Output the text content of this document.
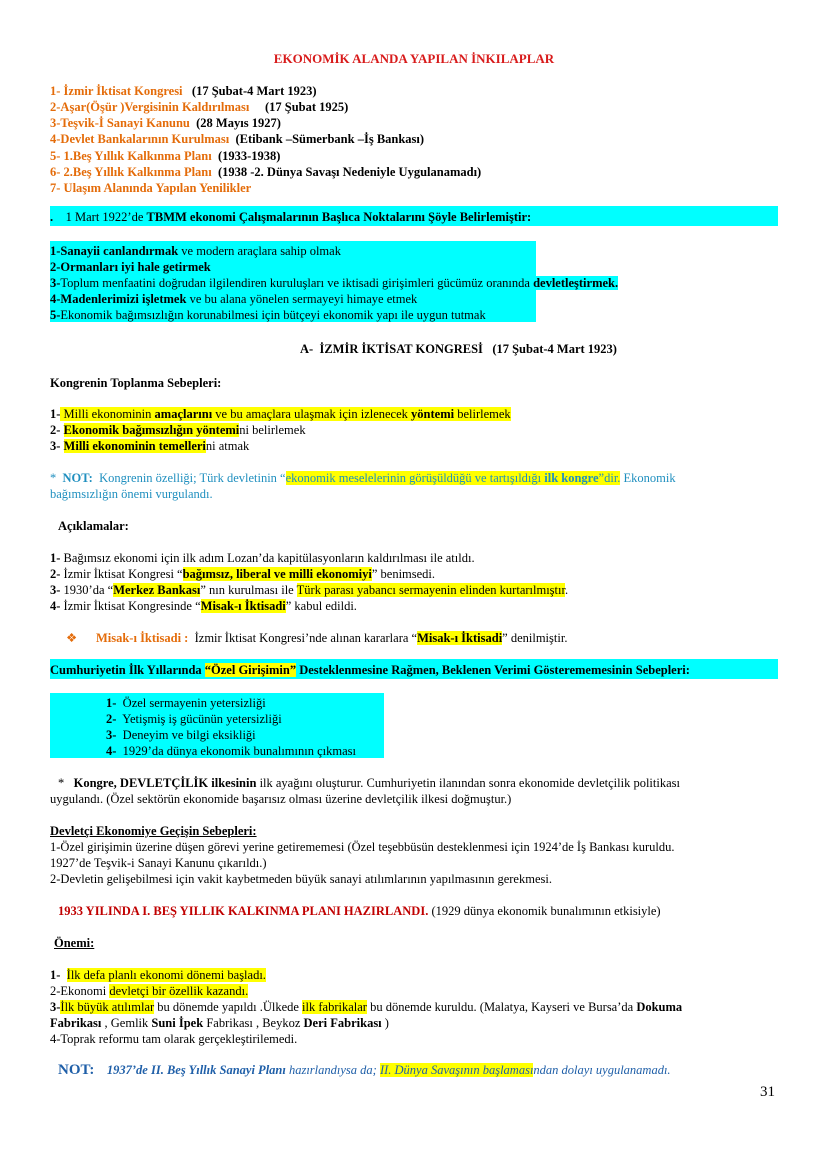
EKONOMİK ALANDA YAPILAN İNKILAPLAR
1- İzmir İktisat Kongresi (17 Şubat-4 Mart 1923)
2-Aşar(Öşür )Vergisinin Kaldırılması (17 Şubat 1925)
3-Teşvik-İ Sanayi Kanunu (28 Mayıs 1927)
4-Devlet Bankalarının Kurulması (Etibank –Sümerbank –İş Bankası)
5- 1.Beş Yıllık Kalkınma Planı (1933-1938)
6- 2.Beş Yıllık Kalkınma Planı (1938 -2. Dünya Savaşı Nedeniyle Uygulanamadı)
7- Ulaşım Alanında Yapılan Yenilikler
. 1 Mart 1922’de TBMM ekonomi Çalışmalarının Başlıca Noktalarını Şöyle Belirlemiştir:
1-Sanayii canlandırmak ve modern araçlara sahip olmak
2-Ormanları iyi hale getirmek
3-Toplum menfaatini doğrudan ilgilendiren kuruluşları ve iktisadi girişimleri gücümüz oranında devletleştirmek.
4-Madenlerimizi işletmek ve bu alana yönelen sermayeyi himaye etmek
5-Ekonomik bağımsızlığın korunabilmesi için bütçeyi ekonomik yapı ile uygun tutmak
A- İZMİR İKTİSAT KONGRESİ (17 Şubat-4 Mart 1923)
Kongrenin Toplanma Sebepleri:
1- Milli ekonominin amaçlarını ve bu amaçlara ulaşmak için izlenecek yöntemi belirlemek
2- Ekonomik bağımsızlığın yöntemini belirlemek
3- Milli ekonominin temellerini atmak
* NOT: Kongrenin özelliği; Türk devletinin “ekonomik meselelerinin görüşüldüğü ve tartışıldığı ilk kongre”dir. Ekonomik
bağımsızlığın önemi vurgulandı.
Açıklamalar:
1- Bağımsız ekonomi için ilk adım Lozan’da kapitülasyonların kaldırılması ile atıldı.
2- İzmir İktisat Kongresi “bağımsız, liberal ve milli ekonomiyi” benimsedi.
3- 1930’da “Merkez Bankası” nın kurulması ile Türk parası yabancı sermayenin elinden kurtarılmıştır.
4- İzmir İktisat Kongresinde “Misak-ı İktisadi” kabul edildi.
❖ Misak-ı İktisadi : İzmir İktisat Kongresi’nde alınan kararlara “Misak-ı İktisadi” denilmiştir.
Cumhuriyetin İlk Yıllarında “Özel Girişimin” Desteklenmesine Rağmen, Beklenen Verimi Gösterememesinin Sebepleri:
1- Özel sermayenin yetersizliği
2- Yetişmiş iş gücünün yetersizliği
3- Deneyim ve bilgi eksikliği
4- 1929’da dünya ekonomik bunalımının çıkması
* Kongre, DEVLETÇİLİK ilkesinin ilk ayağını oluşturur. Cumhuriyetin ilanından sonra ekonomide devletçilik politikası
uygulandı. (Özel sektörün ekonomide başarısız olması üzerine devletçilik ilkesi doğmuştur.)
Devletçi Ekonomiye Geçişin Sebepleri:
1-Özel girişimin üzerine düşen görevi yerine getirememesi (Özel teşebbüsün desteklenmesi için 1924’de İş Bankası kuruldu.
1927’de Teşvik-i Sanayi Kanunu çıkarıldı.)
2-Devletin gelişebilmesi için vakit kaybetmeden büyük sanayi atılımlarının yapılmasının gerekmesi.
1933 YILINDA I. BEŞ YILLIK KALKINMA PLANI HAZIRLANDI. (1929 dünya ekonomik bunalımının etkisiyle)
Önemi:
1- İlk defa planlı ekonomi dönemi başladı.
2-Ekonomi devletçi bir özellik kazandı.
3-İlk büyük atılımlar bu dönemde yapıldı .Ülkede ilk fabrikalar bu dönemde kuruldu. (Malatya, Kayseri ve Bursa’da Dokuma
Fabrikası , Gemlik Suni İpek Fabrikası , Beykoz Deri Fabrikası )
4-Toprak reformu tam olarak gerçekleştirilemedi.
NOT: 1937’de II. Beş Yıllık Sanayi Planı hazırlandıysa da; II. Dünya Savaşının başlamasından dolayı uygulanamadı.
31
